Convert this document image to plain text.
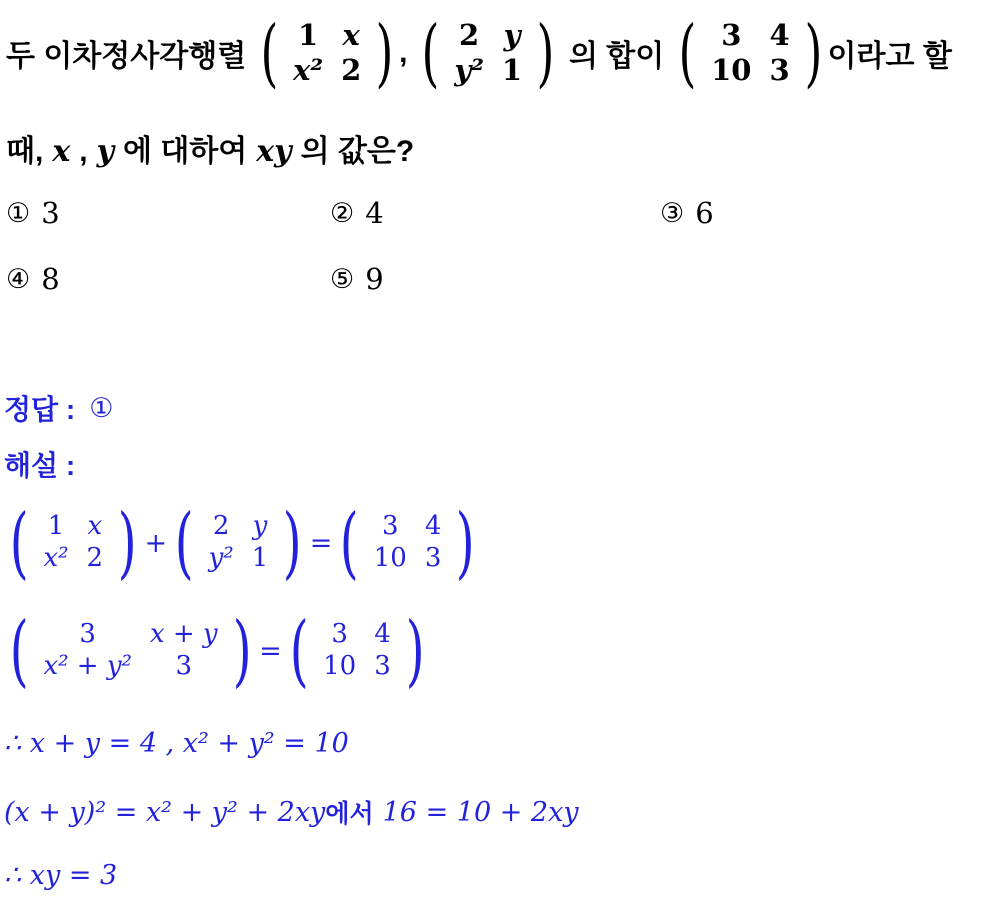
두 이차정사각행렬 ( 1 x
x² 2 ) , ( 2 y
y² 1 ) 의 합이 ( 3 4
10 3 ) 이라고 할
때, x , y 에 대하여 xy 의 값은?
① 3	② 4	③ 6
④ 8	⑤ 9
정답 : ①
해설 :
( 1 x
x² 2 ) + ( 2 y
y² 1 ) = ( 3	4
10 3 )
(	3	x + y
x² + y²	3 ) = ( 3	4
10 3 )
∴ x + y = 4 , x² + y² = 10
(x + y)² = x² + y² + 2xy 에서 16 = 10 + 2xy
∴ xy = 3
